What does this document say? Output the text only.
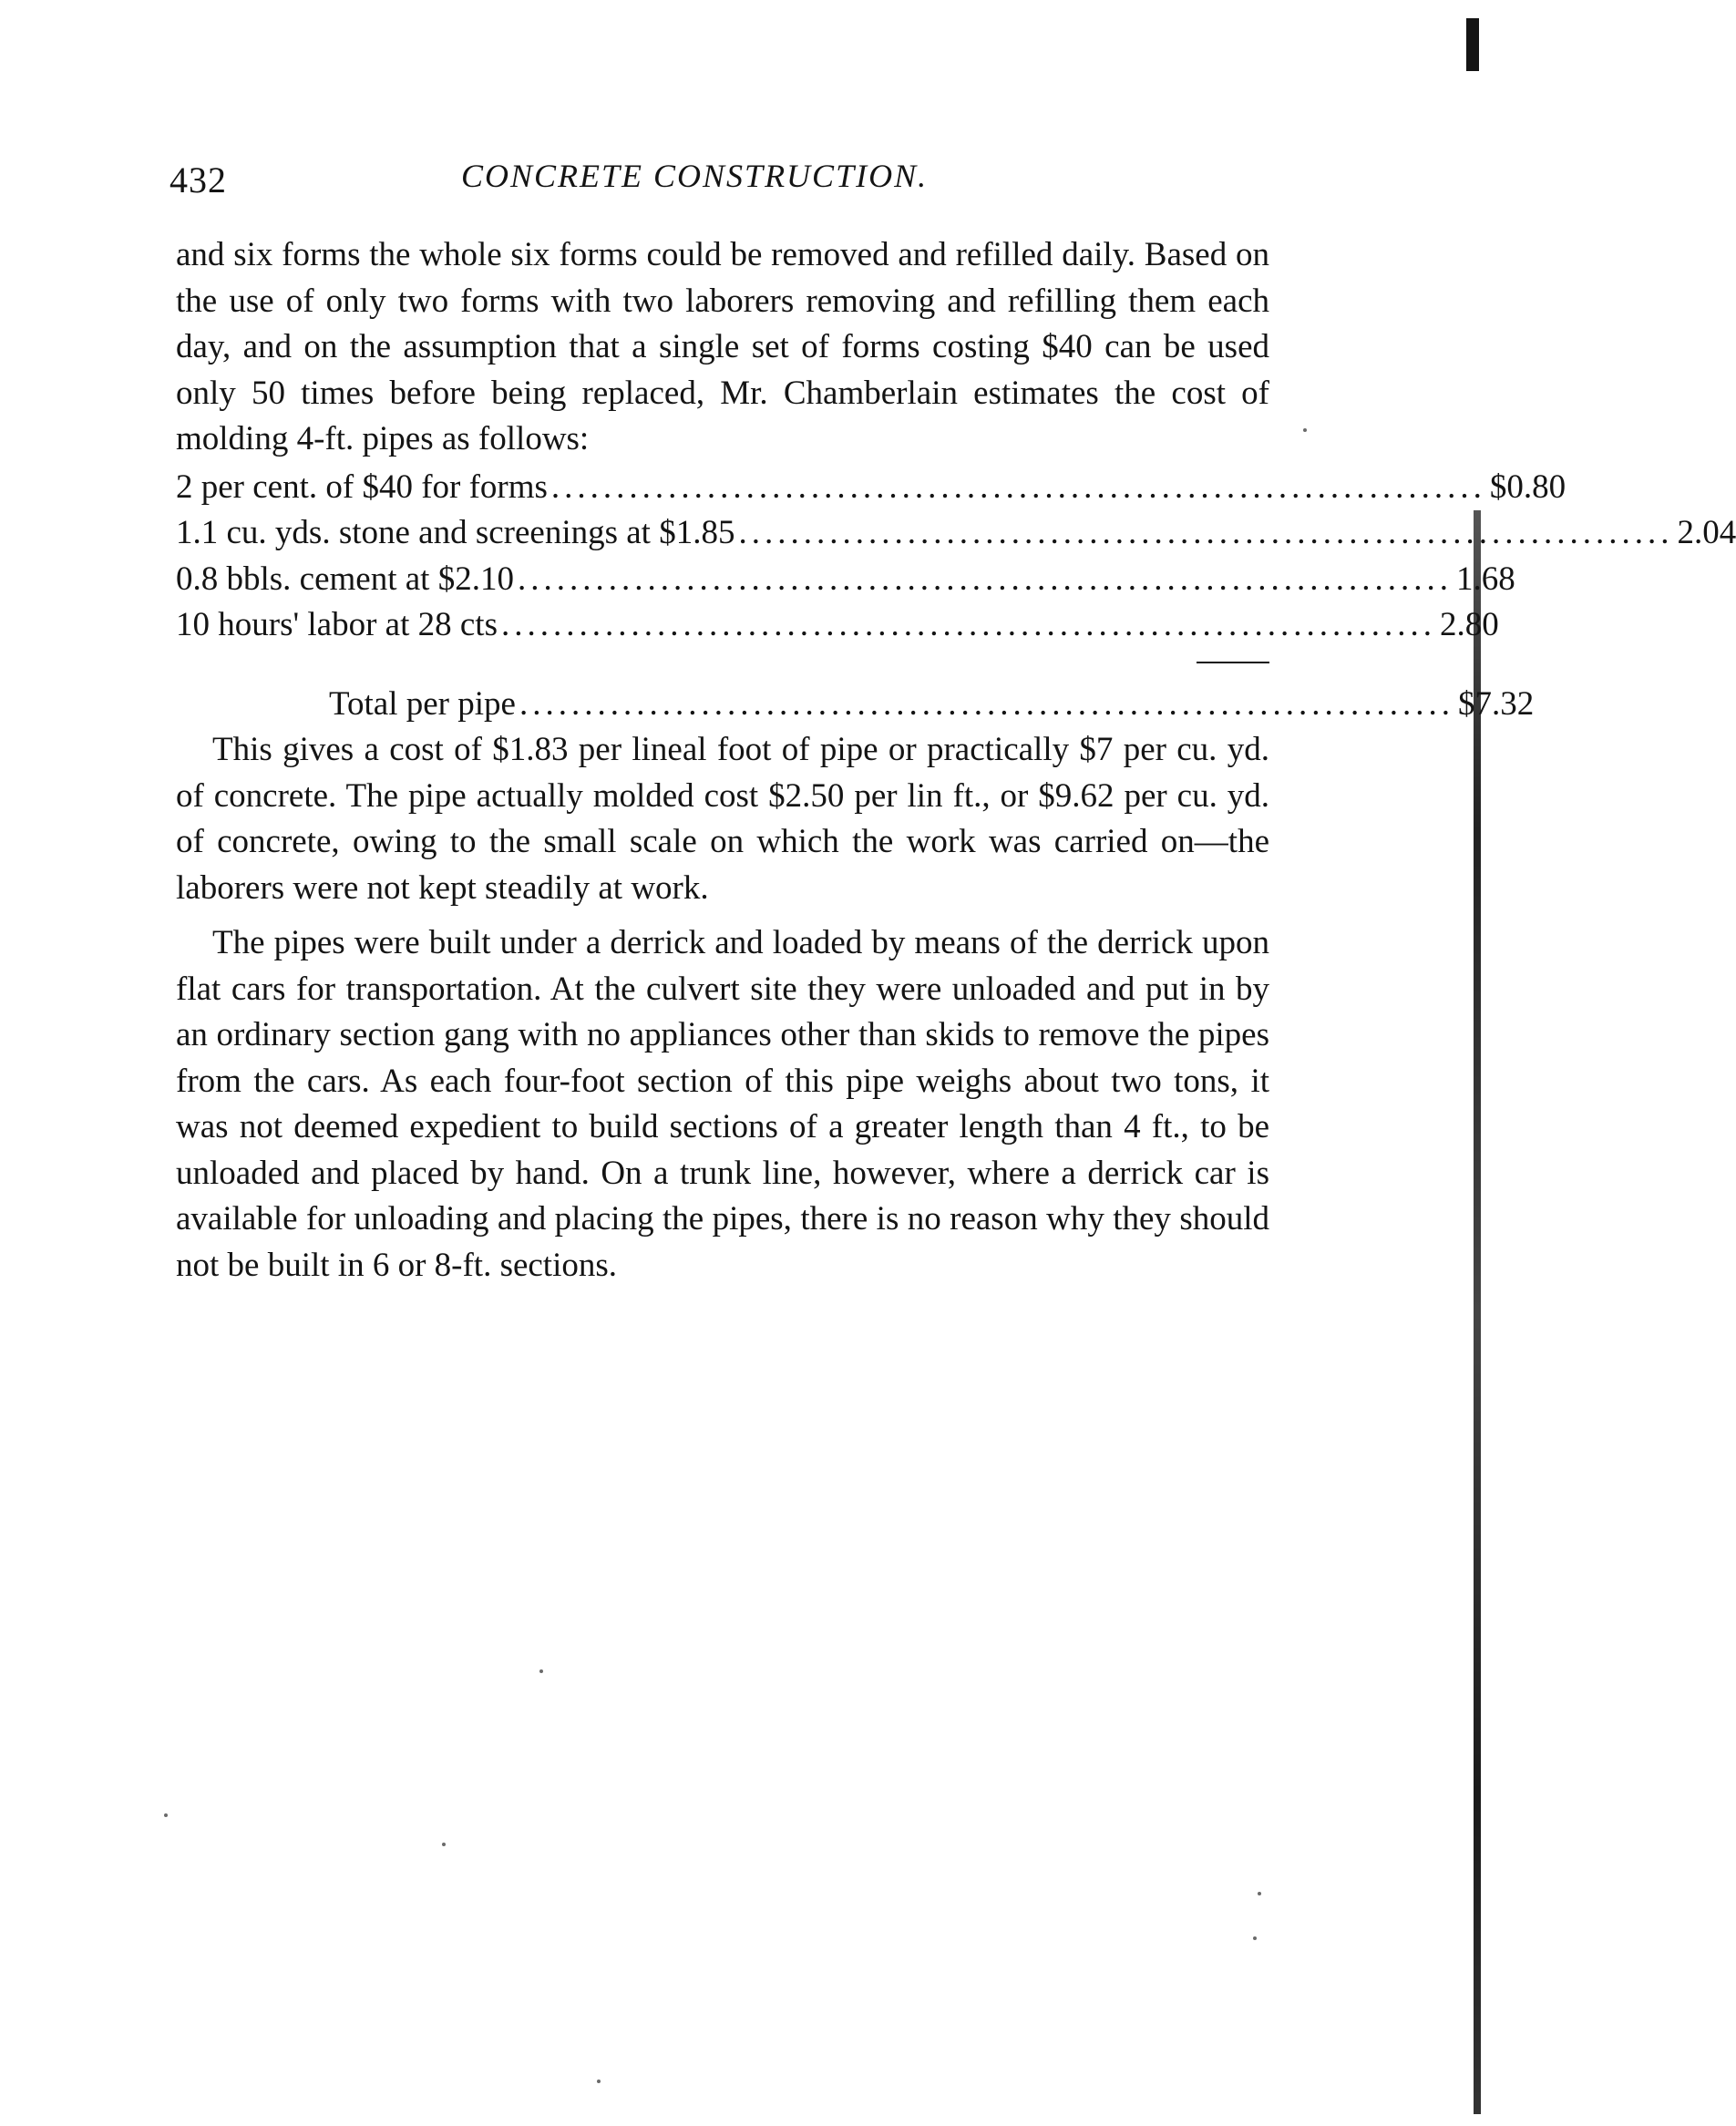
432	CONCRETE CONSTRUCTION.

and six forms the whole six forms could be removed and refilled daily. Based on the use of only two forms with two laborers removing and refilling them each day, and on the assumption that a single set of forms costing $40 can be used only 50 times before being replaced, Mr. Chamberlain estimates the cost of molding 4-ft. pipes as follows:

2 per cent. of $40 for forms ........................................................................ $0.80
1.1 cu. yds. stone and screenings at $1.85 ........................................................................ 2.04
0.8 bbls. cement at $2.10 ........................................................................ 1.68
10 hours' labor at 28 cts ........................................................................ 2.80
Total per pipe ........................................................................ $7.32

This gives a cost of $1.83 per lineal foot of pipe or practically $7 per cu. yd. of concrete. The pipe actually molded cost $2.50 per lin ft., or $9.62 per cu. yd. of concrete, owing to the small scale on which the work was carried on—the laborers were not kept steadily at work.

The pipes were built under a derrick and loaded by means of the derrick upon flat cars for transportation. At the culvert site they were unloaded and put in by an ordinary section gang with no appliances other than skids to remove the pipes from the cars. As each four-foot section of this pipe weighs about two tons, it was not deemed expedient to build sections of a greater length than 4 ft., to be unloaded and placed by hand. On a trunk line, however, where a derrick car is available for unloading and placing the pipes, there is no reason why they should not be built in 6 or 8-ft. sections.
